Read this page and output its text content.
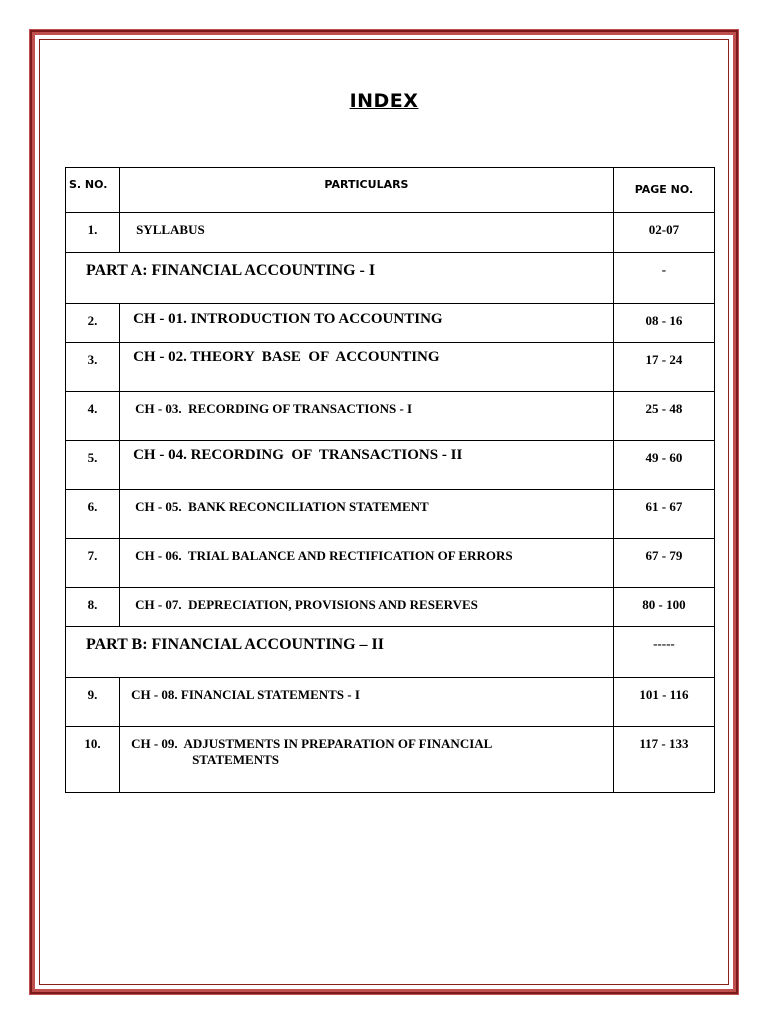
INDEX
S. NO.	PARTICULARS	PAGE NO.

1.	SYLLABUS	02-07

PART A: FINANCIAL ACCOUNTING - I		-

2.	CH - 01. INTRODUCTION TO ACCOUNTING	08 - 16

3.	CH - 02. THEORY  BASE  OF  ACCOUNTING	17 - 24

4.	CH - 03.  RECORDING OF TRANSACTIONS - I	25 - 48

5.	CH - 04. RECORDING  OF  TRANSACTIONS - II	49 - 60

6.	CH - 05.  BANK RECONCILIATION STATEMENT	61 - 67

7.	CH - 06.  TRIAL BALANCE AND RECTIFICATION OF ERRORS	67 - 79

8.	CH - 07.  DEPRECIATION, PROVISIONS AND RESERVES	80 - 100

PART B: FINANCIAL ACCOUNTING – II		-----

9.	CH - 08. FINANCIAL STATEMENTS - I	101 - 116

10.	CH - 09.  ADJUSTMENTS IN PREPARATION OF FINANCIAL
STATEMENTS	117 - 133
